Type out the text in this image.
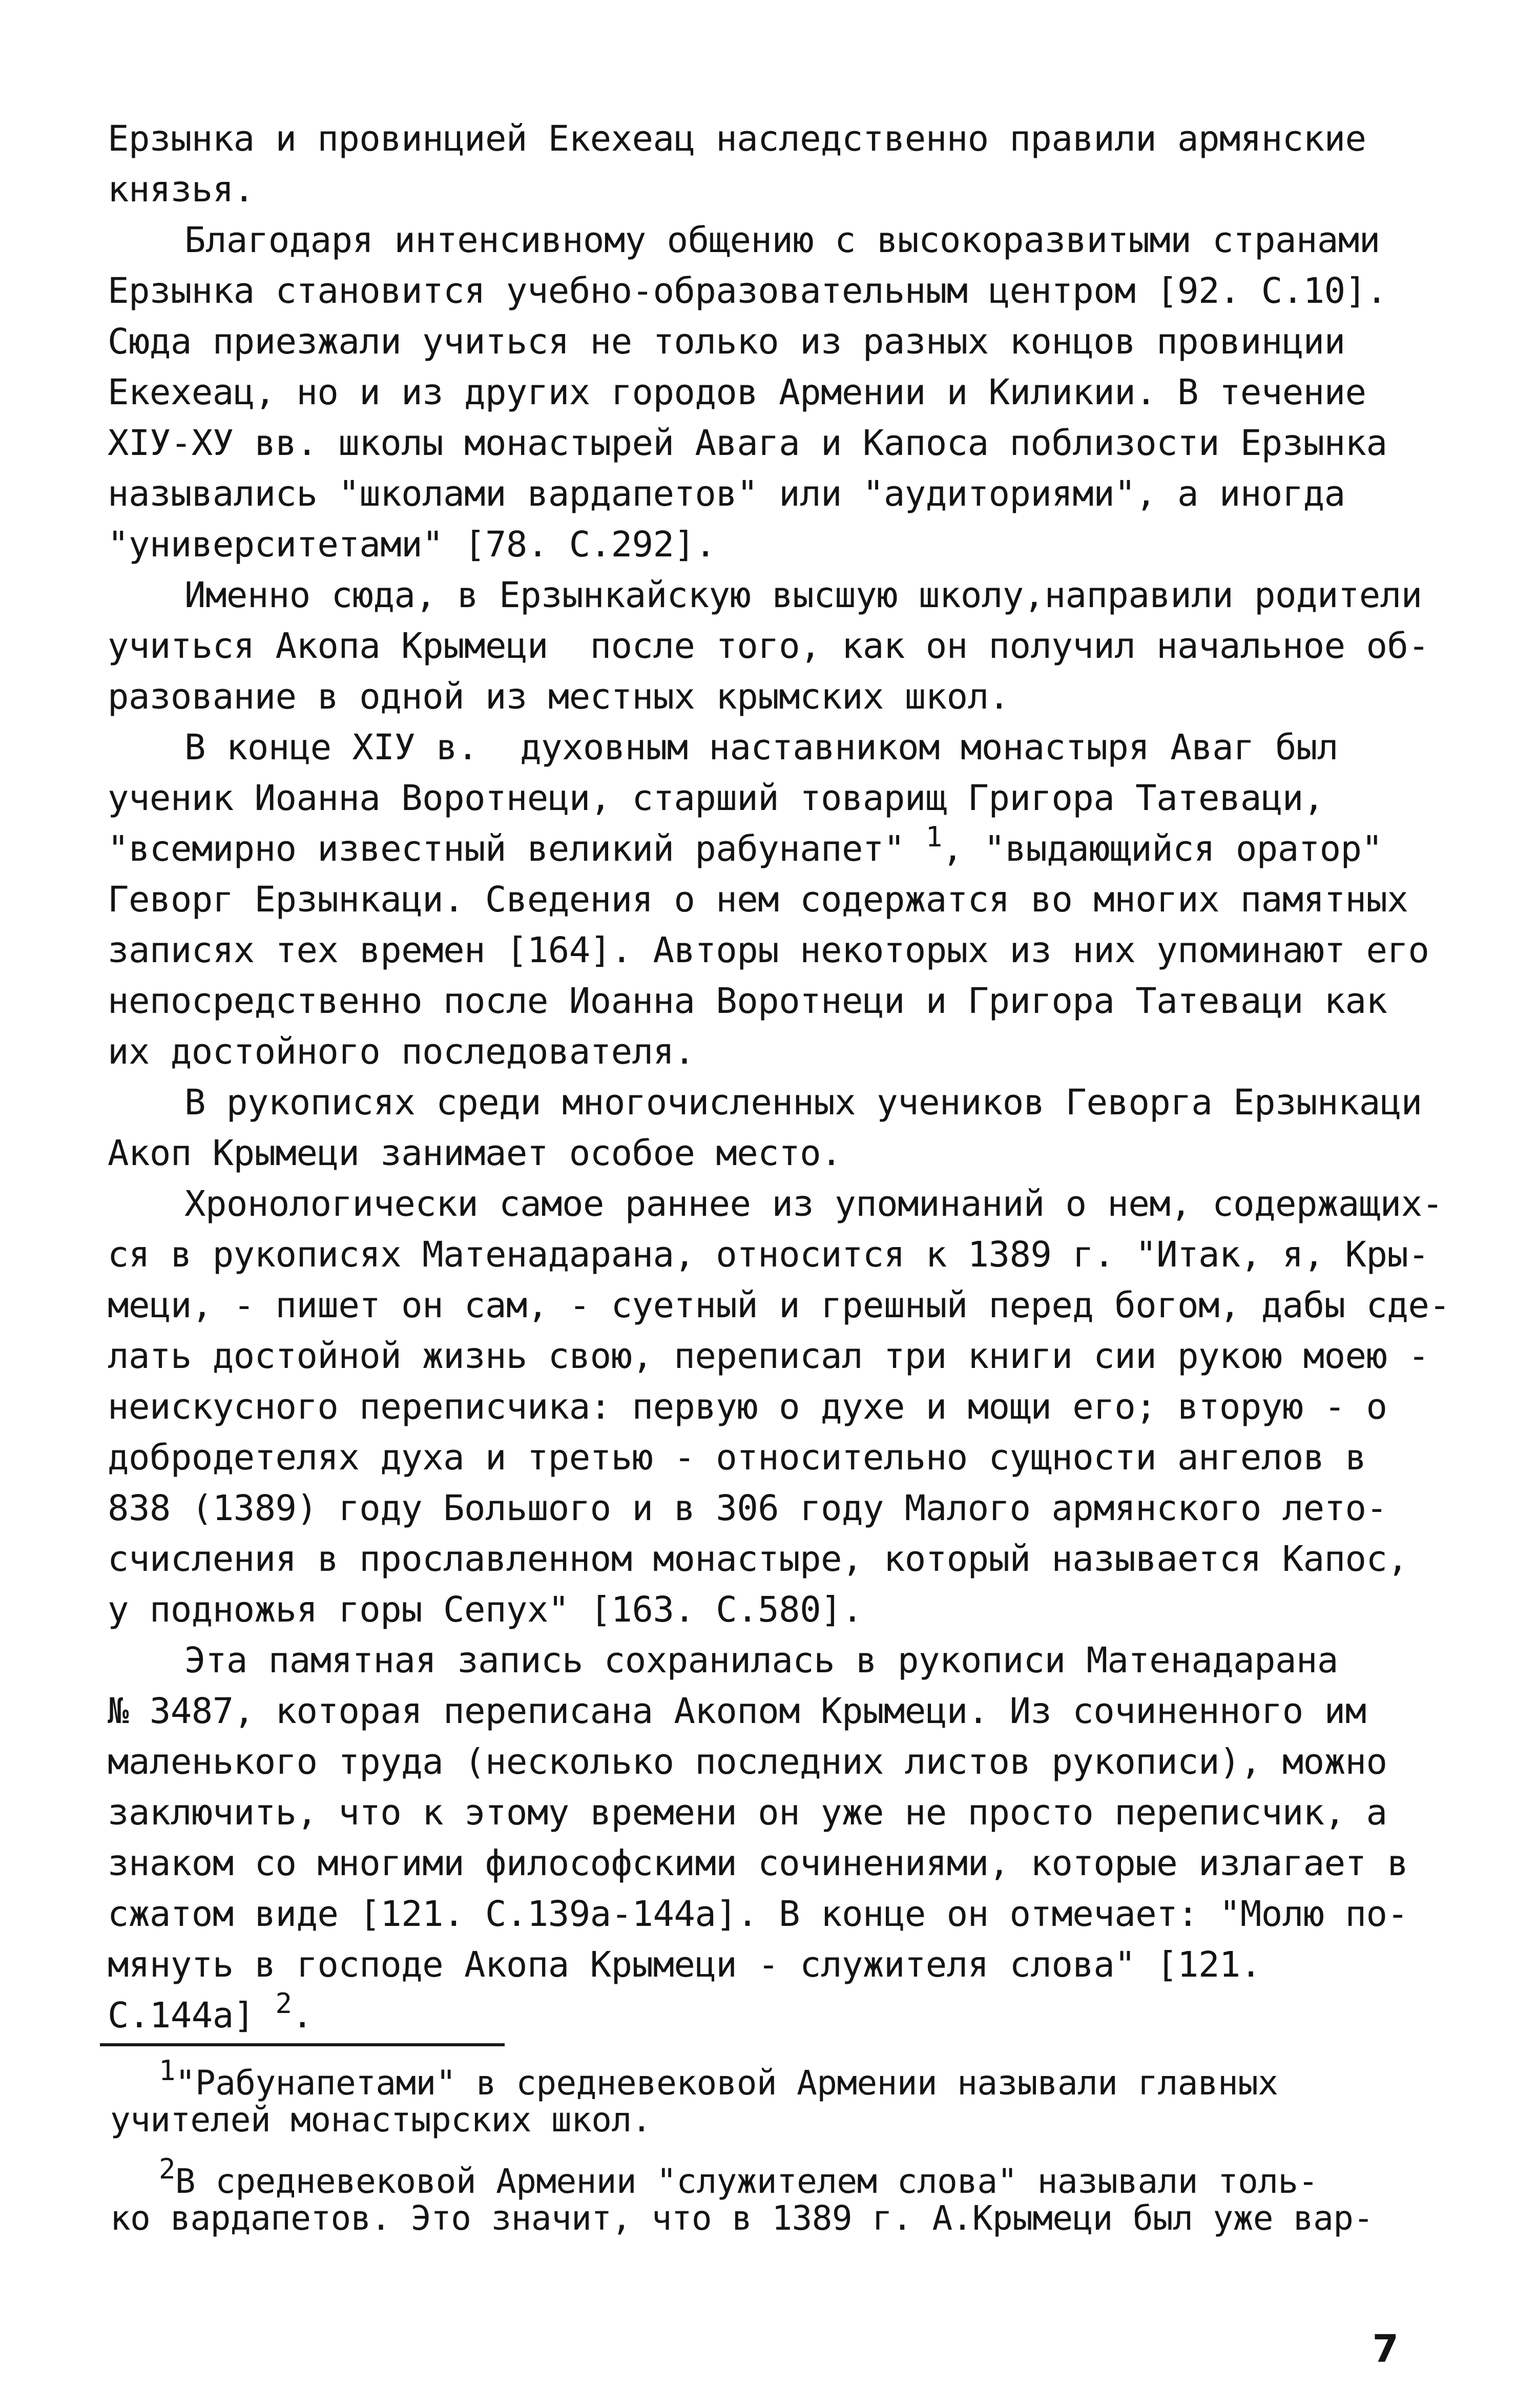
Ерзынка и провинцией Екехеац наследственно правили армянские
князья.
Благодаря интенсивному общению с высокоразвитыми странами
Ерзынка становится учебно-образовательным центром [92. С.10].
Сюда приезжали учиться не только из разных концов провинции
Екехеац, но и из других городов Армении и Киликии. В течение
XIУ-XУ вв. школы монастырей Авага и Капоса поблизости Ерзынка
назывались "школами вардапетов" или "аудиториями", а иногда
"университетами" [78. С.292].
Именно сюда, в Ерзынкайскую высшую школу,направили родители
учиться Акопа Крымеци  после того, как он получил начальное об-
разование в одной из местных крымских школ.
В конце XIУ в.  духовным наставником монастыря Аваг был
ученик Иоанна Воротнеци, старший товарищ Григора Татеваци,
"всемирно известный великий рабунапет" $^1$, "выдающийся оратор"
Геворг Ерзынкаци. Сведения о нем содержатся во многих памятных
записях тех времен [164]. Авторы некоторых из них упоминают его
непосредственно после Иоанна Воротнеци и Григора Татеваци как
их достойного последователя.
В рукописях среди многочисленных учеников Геворга Ерзынкаци
Акоп Крымеци занимает особое место.
Хронологически самое раннее из упоминаний о нем, содержащих-
ся в рукописях Матенадарана, относится к 1389 г. "Итак, я, Кры-
меци, - пишет он сам, - суетный и грешный перед богом, дабы сде-
лать достойной жизнь свою, переписал три книги сии рукою моею -
неискусного переписчика: первую о духе и мощи его; вторую - о
добродетелях духа и третью - относительно сущности ангелов в
838 (1389) году Большого и в 306 году Малого армянского лето-
счисления в прославленном монастыре, который называется Капос,
у подножья горы Сепух" [163. С.580].
Эта памятная запись сохранилась в рукописи Матенадарана
№ 3487, которая переписана Акопом Крымеци. Из сочиненного им
маленького труда (несколько последних листов рукописи), можно
заключить, что к этому времени он уже не просто переписчик, а
знаком со многими философскими сочинениями, которые излагает в
сжатом виде [121. С.139а-144а]. В конце он отмечает: "Молю по-
мянуть в господе Акопа Крымеци - служителя слова" [121.
С.144а] $^2$.
$^1$"Рабунапетами" в средневековой Армении называли главных
учителей монастырских школ.
$^2$В средневековой Армении "служителем слова" называли толь-
ко вардапетов. Это значит, что в 1389 г. А.Крымеци был уже вар-
7
